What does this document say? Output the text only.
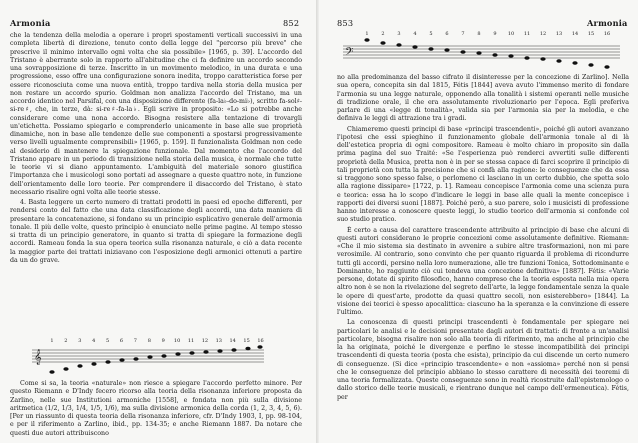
Armonia	852

che la tendenza della melodia a operare i propri spostamenti verticali successivi in una completa libertà di direzione, tenuto conto della legge del "percorso più breve" che prescrive il minimo intervallo ogni volta che sia possibile» [1965, p. 39]. L'accordo del Tristano è aberrante solo in rapporto all'abitudine che ci fa definire un accordo secondo una sovrapposizione di terze. Inscritto in un movimento melodico, in una durata e una progressione, esso offre una configurazione sonora inedita, troppo caratteristica forse per essere riconosciuta come una nuova entità, troppo tardiva nella storia della musica per non restare un accordo spurio. Goldman non analizza l'accordo del Tristano, ma un accordo identico nel Parsifal, con una disposizione differente (fa-la♭-do-mi♭), scritto fa-sol♯-si-re♯, che, in terze, dà: si-re♯-fa-la♭. Egli scrive in proposito: «Lo si potrebbe anche considerare come una nona accordo. Bisogna resistere alla tentazione di trovargli un'etichetta. Possiamo spiegarlo e comprenderlo unicamente in base alle sue proprietà dinamiche, non in base alle tendenze delle sue componenti a spostarsi progressivamente verso livelli ugualmente comprensibili» [1965, p. 159]. Il funzionalista Goldman non cede al desiderio di mantenere la spiegazione funzionale. Dal momento che l'accordo del Tristano appare in un periodo di transizione nella storia della musica, è normale che tutte le teorie vi si diano appuntamento. L'ambiguità del materiale sonoro giustifica l'importanza che i musicologi sono portati ad assegnare a queste quattro note, in funzione dell'orientamento delle loro teorie. Per comprendere il disaccordo del Tristano, è stato necessario risalire ogni volta alle teorie stesse.

4. Basta leggere un certo numero di trattati prodotti in paesi ed epoche differenti, per rendersi conto del fatto che una data classificazione degli accordi, una data maniera di presentare la concatenazione, si fondano su un principio esplicativo generale dell'armonia tonale. Il più delle volte, questo principio è enunciato nelle prime pagine. Al tempo stesso si tratta di un principio generatore, in quanto si tratta di spiegare la formazione degli accordi. Rameau fonda la sua opera teorica sulla risonanza naturale, e ciò a data recente la maggior parte dei trattati iniziavano con l'esposizione degli armonici ottenuti a partire da un do grave.

1 2 3 4 5 6 7 8 9 10 11 12 13 14 15 16
𝄞

Come si sa, la teoria «naturale» non riesce a spiegare l'accordo perfetto minore. Per questo Riemann e D'Indy fecero ricorso alla teoria della risonanza inferiore proposta da Zarlino, nelle sue Institutioni armoniche [1558], e fondata non più sulla divisione aritmetica (1/2, 1/3, 1/4, 1/5, 1/6), ma sulla divisione armonica della corda (1, 2, 3, 4, 5, 6). [Per un riassunto di questa teoria della risonanza inferiore, cfr. D'Indy 1903, I, pp. 98-104, e per il riferimento a Zarlino, ibid., pp. 134-35; e anche Riemann 1887. Da notare che questi due autori attribuiscono

853	Armonia
1	2	3	4	5	6	7	8	9 10 11 12 13 14 15 16
𝄢

no alla predominanza del basso cifrato il disinteresse per la concezione di Zarlino]. Nella sua opera, concepita sin dal 1815, Fétis [1844] aveva avuto l'immenso merito di fondare l'armonia su una legge naturale, opponendo alla tonalità i sistemi operanti nelle musiche di tradizione orale, il che era assolutamente rivoluzionario per l'epoca. Egli preferiva parlare di una «legge di tonalità», valida sia per l'armonia sia per la melodia, e che definiva le leggi di attrazione tra i gradi.

Chiameremo questi principi di base «principi trascendenti», poiché gli autori avanzano l'ipotesi che essi spieghino il funzionamento globale dell'armonia tonale al di là dell'estetica propria di ogni compositore. Rameau è molto chiaro in proposito sin dalla prima pagina del suo Traité: «Se l'esperienza può renderci avvertiti sulle differenti proprietà della Musica, pretta non è in per se stessa capace di farci scoprire il principio di tali proprietà con tutta la precisione che si confà alla ragione: le conseguenze che da essa si traggono sono spesso false, o perlomeno ci lasciano in un certo dubbio, che spetta solo alla ragione dissipare» [1722, p. 1]. Rameau concepisce l'armonia come una scienza pura e teorica: essa ha lo scopo d'indicare le leggi in base alle quali la mente concepisce i rapporti dei diversi suoni [1887]. Poiché però, a suo parere, solo i musicisti di professione hanno interesse a conoscere queste leggi, lo studio teorico dell'armonia si confonde col suo studio pratico.

È certo a causa del carattere trascendente attribuito al principio di base che alcuni di questi autori considerano le proprie concezioni come assolutamente definitive. Riemann: «Che il mio sistema sia destinato in avvenire a subire altre trasformazioni, non mi pare verosimile. Al contrario, sono convinto che per quanto riguarda il problema di ricondurre tutti gli accordi, persino nella loro numerazione, alle tre funzioni Tonica, Sottodominante e Dominante, ho raggiunto ciò cui tendeva una concezione definitiva» [1887]. Fétis: «Varie persone, dotate di spirito filosofico, hanno compreso che la teoria esposta nella mia opera altro non è se non la rivelazione del segreto dell'arte, la legge fondamentale senza la quale le opere di quest'arte, prodotte da quasi quattro secoli, non esisterebbero» [1844]. La visione dei teorici è spesso apocalittica: ciascuno ha la speranza e la convinzione di essere l'ultimo.

La conoscenza di questi principi trascendenti è fondamentale per spiegare nei particolari le analisi e le decisioni presentate dagli autori di trattati: di fronte a un'analisi particolare, bisogna risalire non solo alla teoria di riferimento, ma anche al principio che la ha originata, poiché le divergenze e perfino le stesse incompatibilità dei principi trascendenti di questa teoria (posta che esista), principio da cui discende un certo numero di conseguenze. (Si dice «principio trascendente» e non «assioma» perché non si pensi che le conseguenze del principio abbiano lo stesso carattere di necessità dei teoremi di una teoria formalizzata. Queste conseguenze sono in realtà ricostruite dall'epistemologo o dallo storico delle teorie musicali, e rientrano dunque nel campo dell'ermeneutica). Fétis, per
